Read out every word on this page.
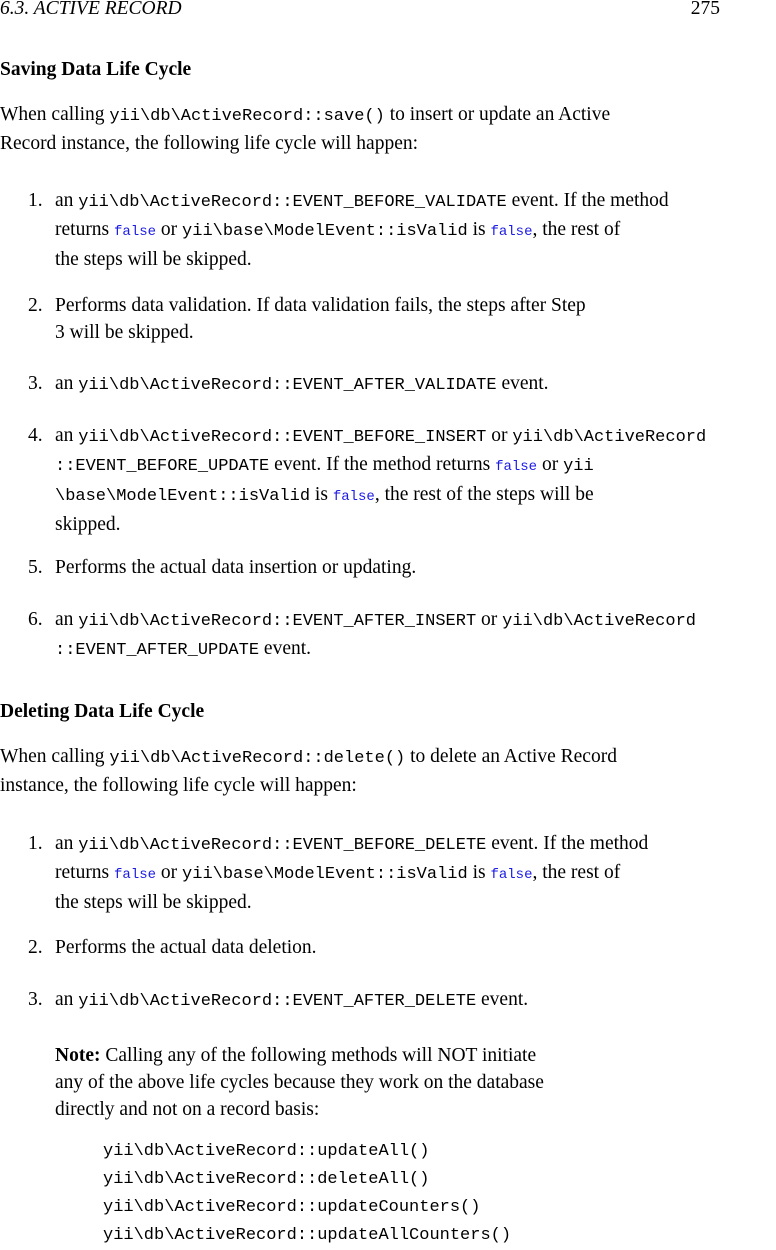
6.3. ACTIVE RECORD	275
Saving Data Life Cycle
When calling yii\db\ActiveRecord::save() to insert or update an Active
Record instance, the following life cycle will happen:
1. an yii\db\ActiveRecord::EVENT_BEFORE_VALIDATE event. If the method
returns false or yii\base\ModelEvent::isValid is false, the rest of
the steps will be skipped.
2. Performs data validation. If data validation fails, the steps after Step
3 will be skipped.
3. an yii\db\ActiveRecord::EVENT_AFTER_VALIDATE event.
4. an yii\db\ActiveRecord::EVENT_BEFORE_INSERT or yii\db\ActiveRecord
::EVENT_BEFORE_UPDATE event. If the method returns false or yii
\base\ModelEvent::isValid is false, the rest of the steps will be
skipped.
5. Performs the actual data insertion or updating.
6. an yii\db\ActiveRecord::EVENT_AFTER_INSERT or yii\db\ActiveRecord
::EVENT_AFTER_UPDATE event.
Deleting Data Life Cycle
When calling yii\db\ActiveRecord::delete() to delete an Active Record
instance, the following life cycle will happen:
1. an yii\db\ActiveRecord::EVENT_BEFORE_DELETE event. If the method
returns false or yii\base\ModelEvent::isValid is false, the rest of
the steps will be skipped.
2. Performs the actual data deletion.
3. an yii\db\ActiveRecord::EVENT_AFTER_DELETE event.
Note: Calling any of the following methods will NOT initiate
any of the above life cycles because they work on the database
directly and not on a record basis:
yii\db\ActiveRecord::updateAll()
yii\db\ActiveRecord::deleteAll()
yii\db\ActiveRecord::updateCounters()
yii\db\ActiveRecord::updateAllCounters()
